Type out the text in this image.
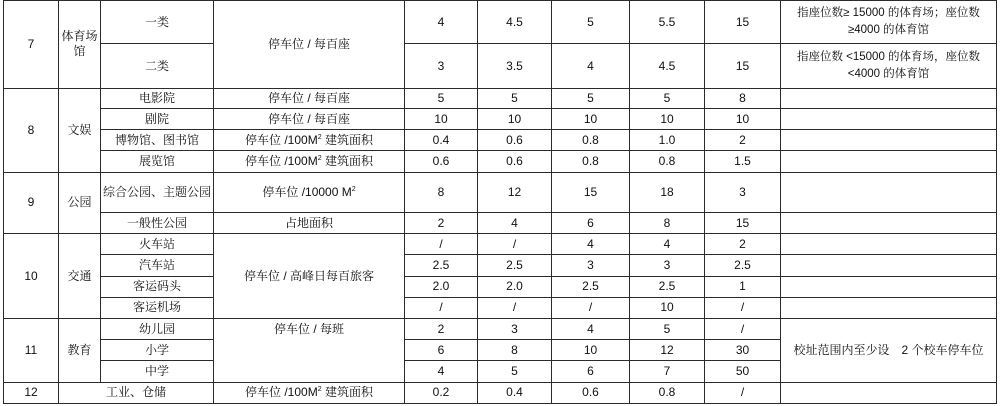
7	体育场馆	一类	停车位 / 每百座	4	4.5	5	5.5	15	指座位数≥ 15000 的体育场；座位数≥4000 的体育馆
		二类		3	3.5	4	4.5	15	指座位数 <15000 的体育场，座位数<4000 的体育馆
8	文娱	电影院	停车位 / 每百座	5	5	5	5	8	
		剧院	停车位 / 每百座	10	10	10	10	10	
		博物馆、图书馆	停车位 $/100M^2$ 建筑面积	0.4	0.6	0.8	1.0	2	
		展览馆	停车位 $/100M^2$ 建筑面积	0.6	0.6	0.8	0.8	1.5	
9	公园	综合公园、主题公园	停车位 /10000 $M^2$	8	12	15	18	3	
		一般性公园	占地面积	2	4	6	8	15	
10	交通	火车站	停车位 / 高峰日每百旅客	/	/	4	4	2	
		汽车站		2.5	2.5	3	3	2.5	
		客运码头		2.0	2.0	2.5	2.5	1	
		客运机场		/	/	/	10	/	
11	教育	幼儿园	停车位 / 每班	2	3	4	5	/	校址范围内至少设　2 个校车停车位
		小学		6	8	10	12	30	
		中学		4	5	6	7	50	
12	工业、仓储		停车位 $/100M^2$ 建筑面积	0.2	0.4	0.6	0.8	/	
